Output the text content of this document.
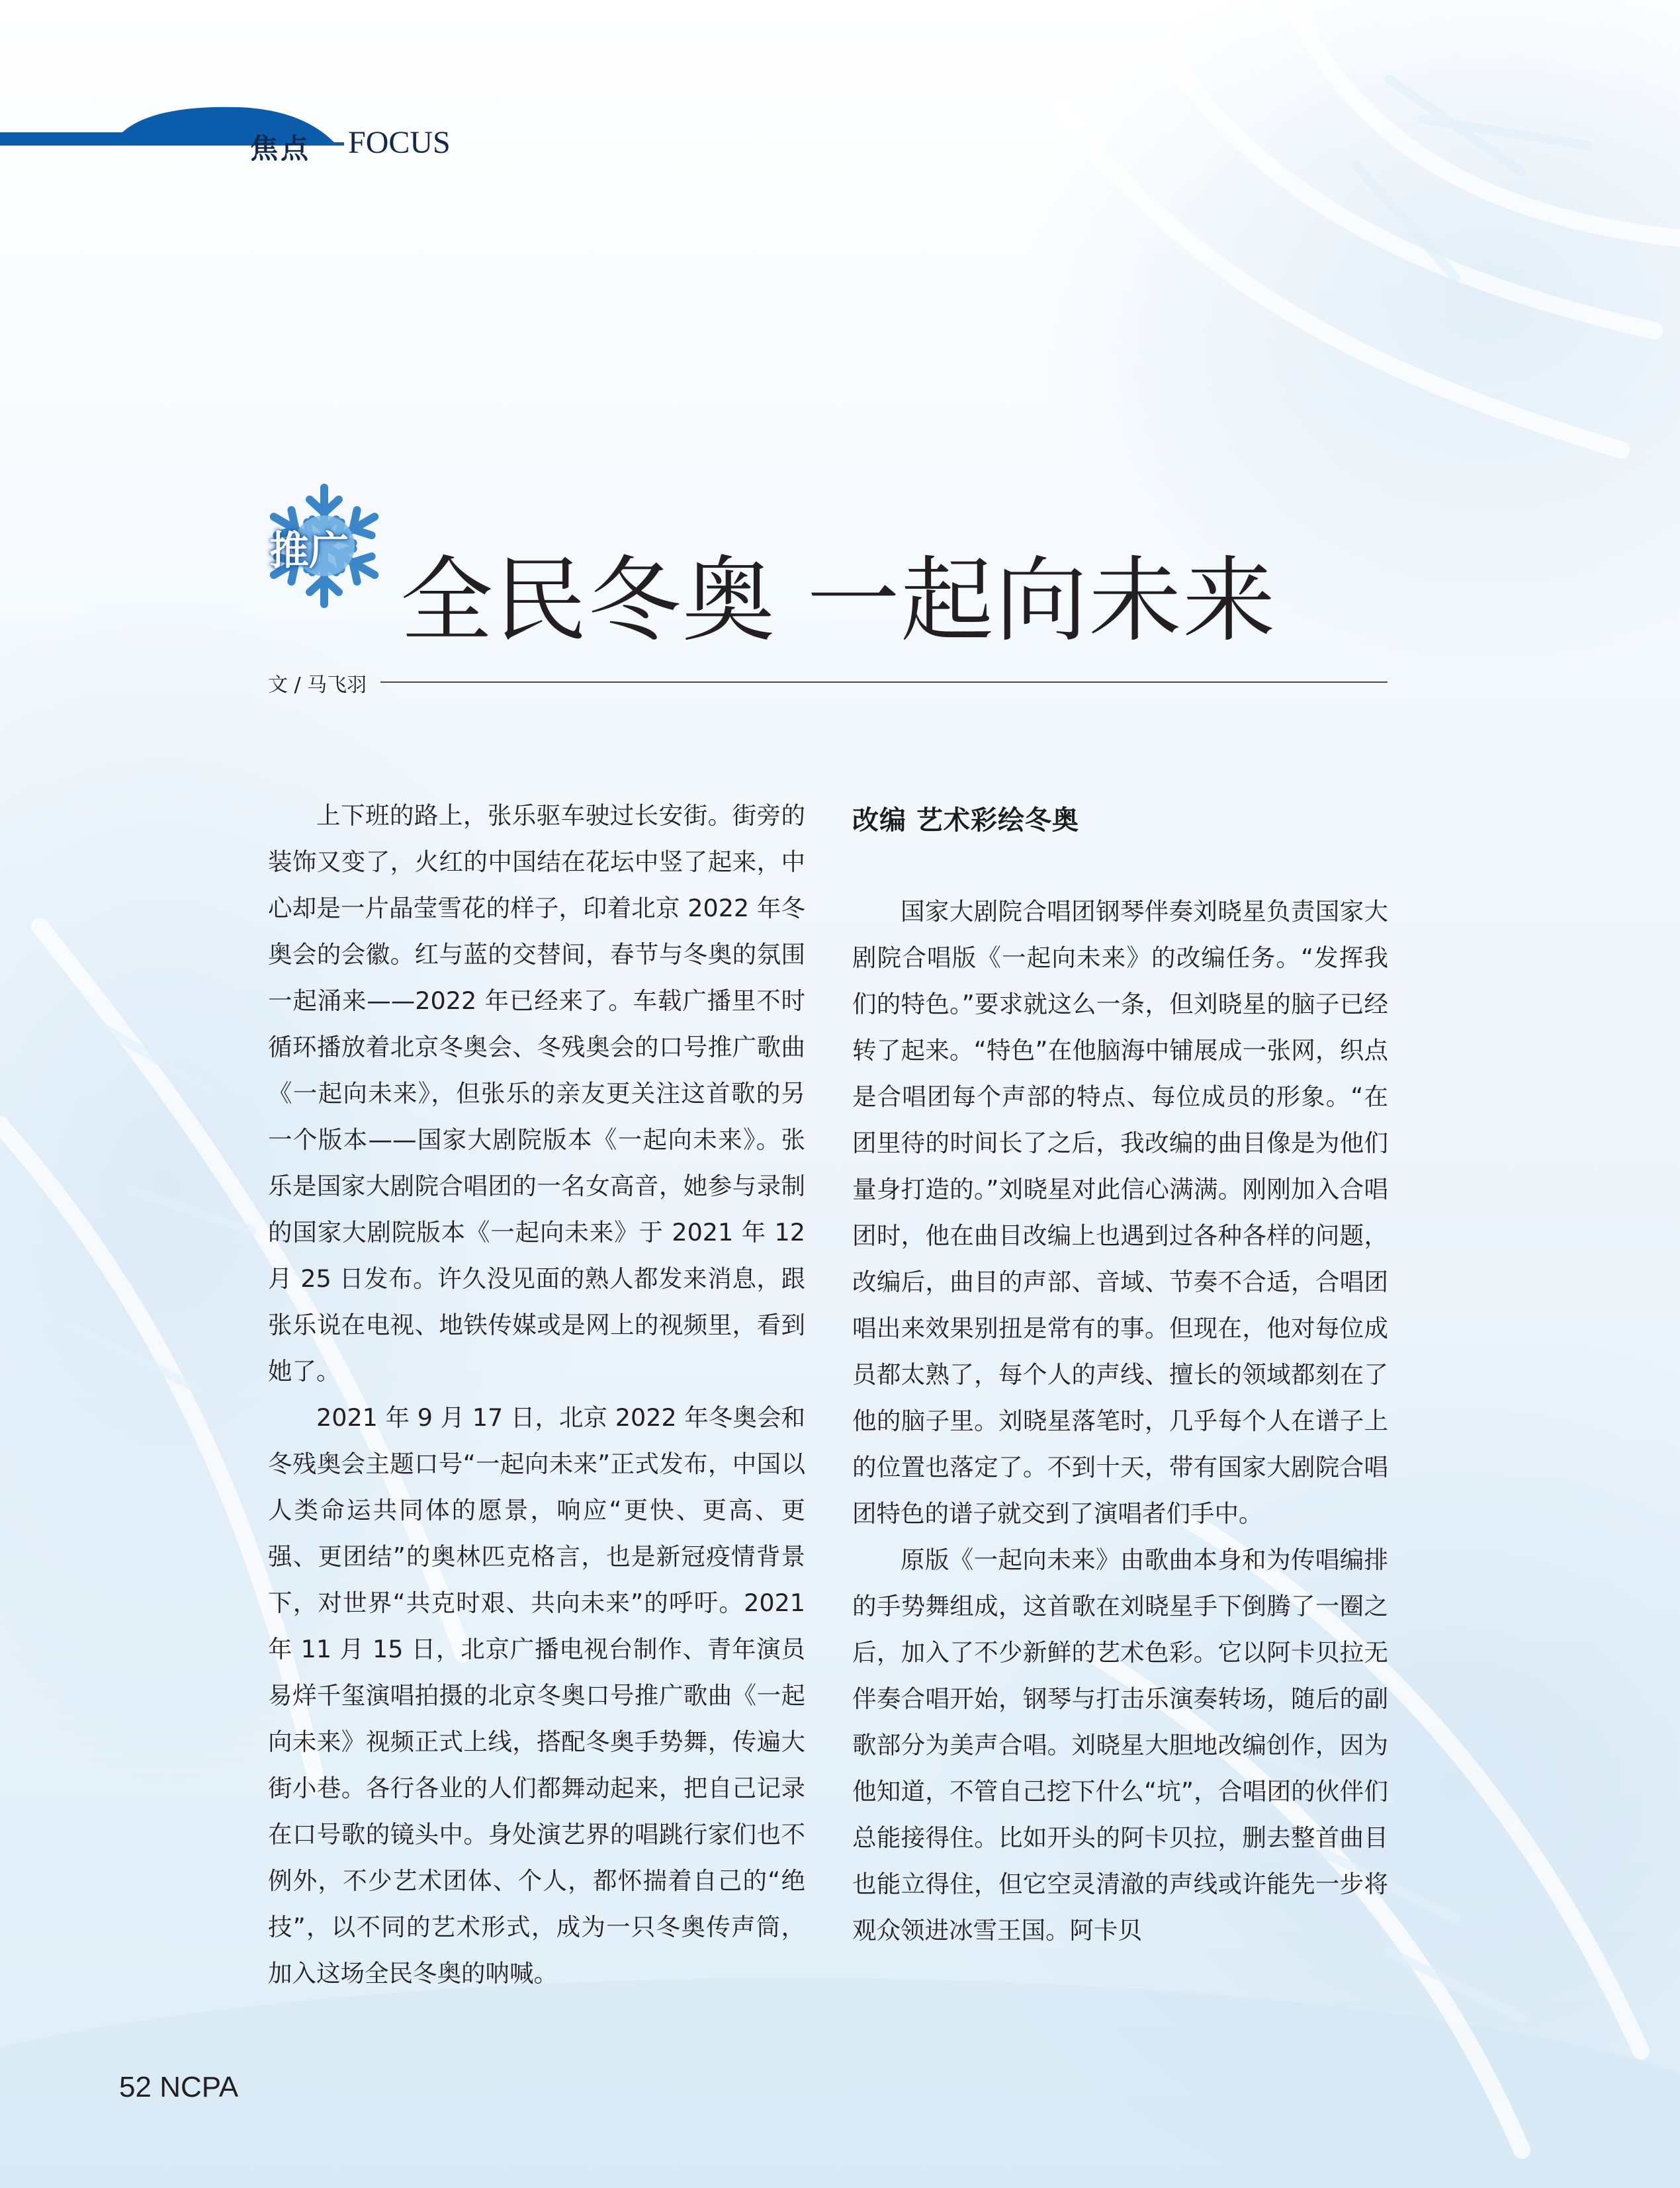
焦点 FOCUS
推广 全民冬奥 一起向未来
文 / 马飞羽

上下班的路上，张乐驱车驶过长安街。街旁的装饰又变了，火红的中国结在花坛中竖了起来，中心却是一片晶莹雪花的样子，印着北京 2022 年冬奥会的会徽。红与蓝的交替间，春节与冬奥的氛围一起涌来——2022 年已经来了。车载广播里不时循环播放着北京冬奥会、冬残奥会的口号推广歌曲《一起向未来》，但张乐的亲友更关注这首歌的另一个版本——国家大剧院版本《一起向未来》。张乐是国家大剧院合唱团的一名女高音，她参与录制的国家大剧院版本《一起向未来》于 2021 年 12 月 25 日发布。许久没见面的熟人都发来消息，跟张乐说在电视、地铁传媒或是网上的视频里，看到她了。

2021 年 9 月 17 日，北京 2022 年冬奥会和冬残奥会主题口号“一起向未来”正式发布，中国以人类命运共同体的愿景，响应“更快、更高、更强、更团结”的奥林匹克格言，也是新冠疫情背景下，对世界“共克时艰、共向未来”的呼吁。2021 年 11 月 15 日，北京广播电视台制作、青年演员易烊千玺演唱拍摄的北京冬奥口号推广歌曲《一起向未来》视频正式上线，搭配冬奥手势舞，传遍大街小巷。各行各业的人们都舞动起来，把自己记录在口号歌的镜头中。身处演艺界的唱跳行家们也不例外，不少艺术团体、个人，都怀揣着自己的“绝技”，以不同的艺术形式，成为一只冬奥传声筒，加入这场全民冬奥的呐喊。

改编 艺术彩绘冬奥

国家大剧院合唱团钢琴伴奏刘晓星负责国家大剧院合唱版《一起向未来》的改编任务。“发挥我们的特色。”要求就这么一条，但刘晓星的脑子已经转了起来。“特色”在他脑海中铺展成一张网，织点是合唱团每个声部的特点、每位成员的形象。“在团里待的时间长了之后，我改编的曲目像是为他们量身打造的。”刘晓星对此信心满满。刚刚加入合唱团时，他在曲目改编上也遇到过各种各样的问题，改编后，曲目的声部、音域、节奏不合适，合唱团唱出来效果别扭是常有的事。但现在，他对每位成员都太熟了，每个人的声线、擅长的领域都刻在了他的脑子里。刘晓星落笔时，几乎每个人在谱子上的位置也落定了。不到十天，带有国家大剧院合唱团特色的谱子就交到了演唱者们手中。

原版《一起向未来》由歌曲本身和为传唱编排的手势舞组成，这首歌在刘晓星手下倒腾了一圈之后，加入了不少新鲜的艺术色彩。它以阿卡贝拉无伴奏合唱开始，钢琴与打击乐演奏转场，随后的副歌部分为美声合唱。刘晓星大胆地改编创作，因为他知道，不管自己挖下什么“坑”，合唱团的伙伴们总能接得住。比如开头的阿卡贝拉，删去整首曲目也能立得住，但它空灵清澈的声线或许能先一步将观众领进冰雪王国。阿卡贝

52 NCPA
